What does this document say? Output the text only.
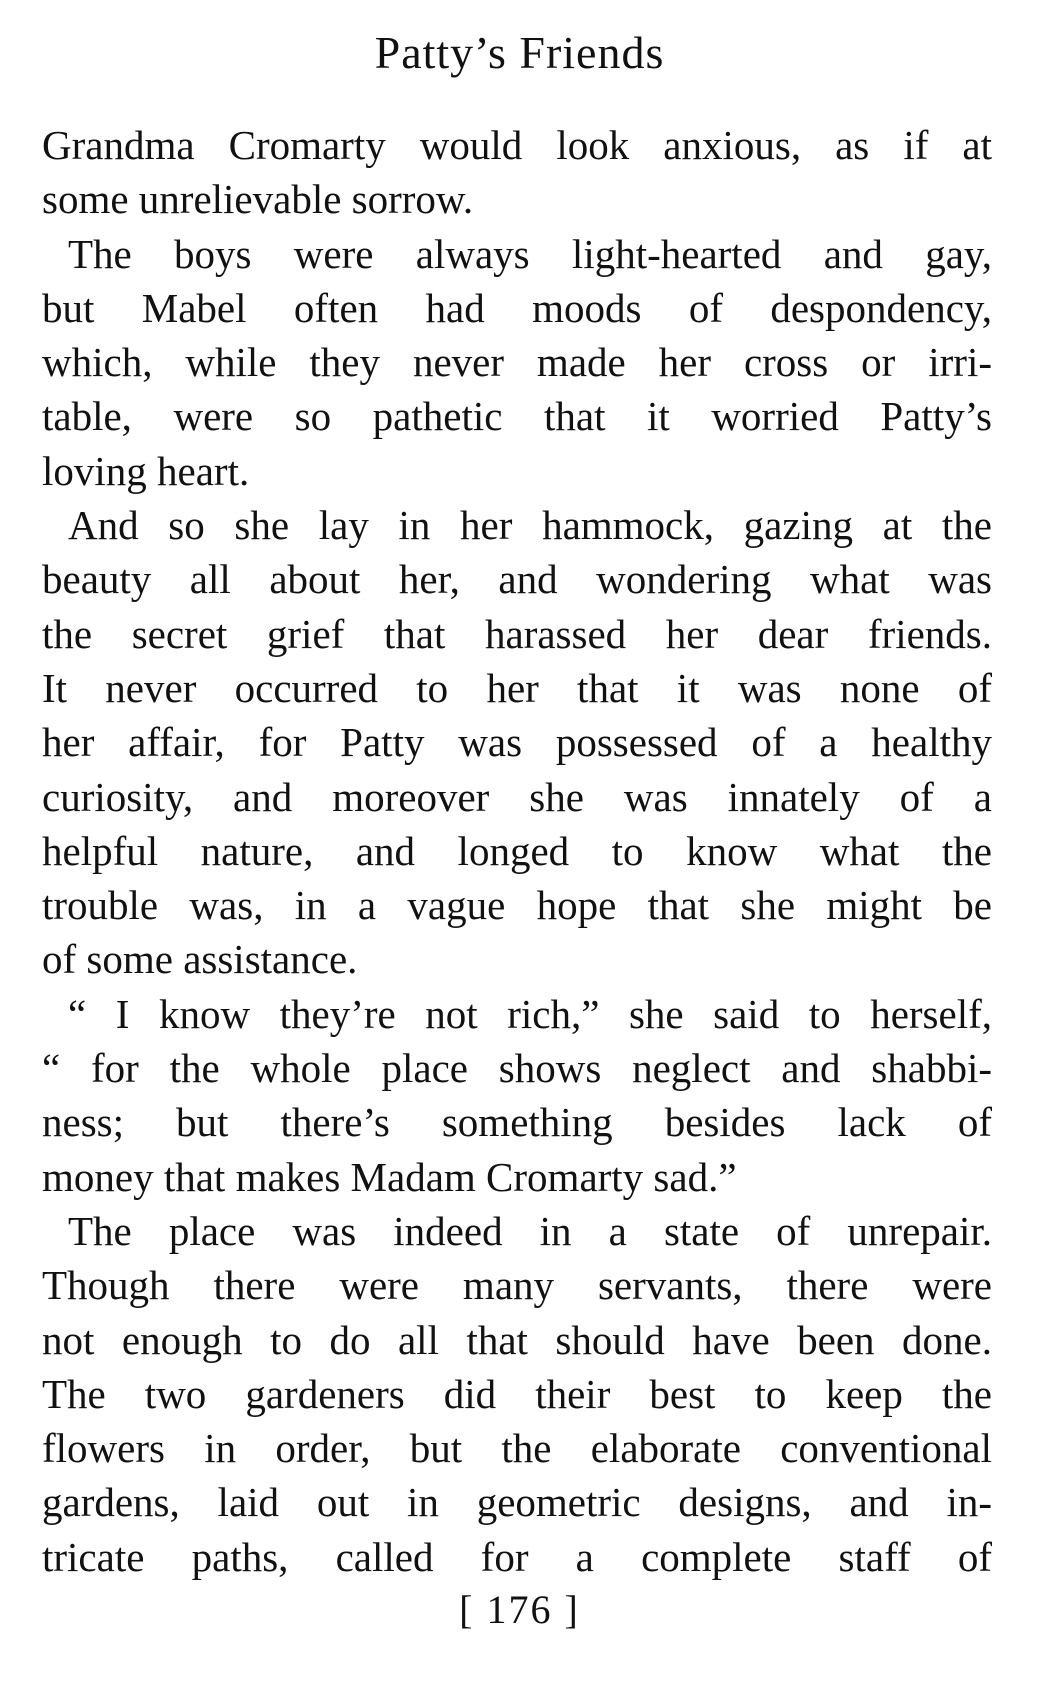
Patty’s Friends
Grandma Cromarty would look anxious, as if at
some unrelievable sorrow.
The boys were always light-hearted and gay,
but Mabel often had moods of despondency,
which, while they never made her cross or irri-
table, were so pathetic that it worried Patty’s
loving heart.
And so she lay in her hammock, gazing at the
beauty all about her, and wondering what was
the secret grief that harassed her dear friends.
It never occurred to her that it was none of
her affair, for Patty was possessed of a healthy
curiosity, and moreover she was innately of a
helpful nature, and longed to know what the
trouble was, in a vague hope that she might be
of some assistance.
“ I know they’re not rich,” she said to herself,
“ for the whole place shows neglect and shabbi-
ness; but there’s something besides lack of
money that makes Madam Cromarty sad.”
The place was indeed in a state of unrepair.
Though there were many servants, there were
not enough to do all that should have been done.
The two gardeners did their best to keep the
flowers in order, but the elaborate conventional
gardens, laid out in geometric designs, and in-
tricate paths, called for a complete staff of
[ 176 ]
